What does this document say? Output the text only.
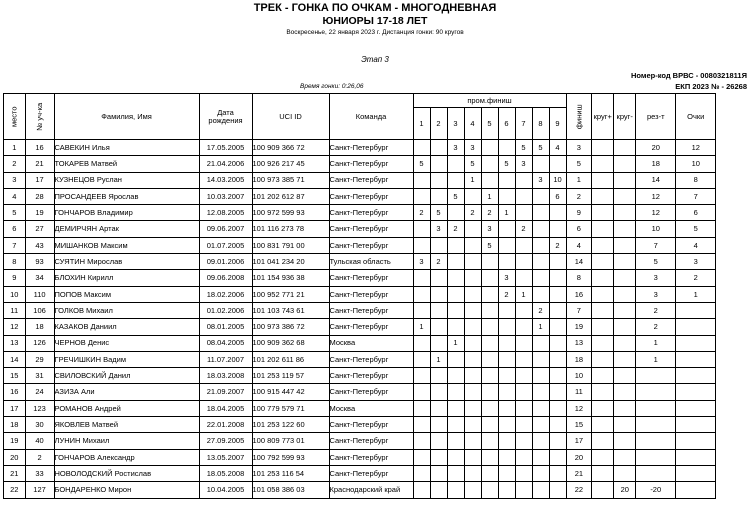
ТРЕК - ГОНКА ПО ОЧКАМ - МНОГОДНЕВНАЯ
ЮНИОРЫ 17-18 ЛЕТ
Воскресенье, 22 января 2023 г. Дистанция гонки: 90 кругов
Этап 3
Номер-код ВРВС - 0080321811Я
ЕКП 2023 № - 26268
Время гонки: 0:26,06
место	№ уч-ка	Фамилия, Имя	Дата рождения	UCI ID	Команда	пром.финиш									финиш	круг+	круг-	рез-т	Очки
						1	2	3	4	5	6	7	8	9					
1	16	САВЕКИН Илья	17.05.2005	100 909 366 72	Санкт-Петербург			3	3			5	5	4	3			20	12
2	21	ТОКАРЕВ Матвей	21.04.2006	100 926 217 45	Санкт-Петербург	5			5		5	3			5			18	10
3	17	КУЗНЕЦОВ Руслан	14.03.2005	100 973 385 71	Санкт-Петербург				1				3	10	1			14	8
4	28	ПРОСАНДЕЕВ Ярослав	10.03.2007	101 202 612 87	Санкт-Петербург			5		1				6	2			12	7
5	19	ГОНЧАРОВ Владимир	12.08.2005	100 972 599 93	Санкт-Петербург	2	5		2	2	1				9			12	6
6	27	ДЕМИРЧЯН Артак	09.06.2007	101 116 273 78	Санкт-Петербург		3	2		3		2			6			10	5
7	43	МИШАНКОВ Максим	01.07.2005	100 831 791 00	Санкт-Петербург					5				2	4			7	4
8	93	СУЯТИН Мирослав	09.01.2006	101 041 234 20	Тульская область	3	2								14			5	3
9	34	БЛОХИН Кирилл	09.06.2008	101 154 936 38	Санкт-Петербург						3				8			3	2
10	110	ПОПОВ Максим	18.02.2006	100 952 771 21	Санкт-Петербург						2	1			16			3	1
11	106	ГОЛКОВ Михаил	01.02.2006	101 103 743 61	Санкт-Петербург								2		7			2	
12	18	КАЗАКОВ Даниил	08.01.2005	100 973 386 72	Санкт-Петербург	1							1		19			2	
13	126	ЧЕРНОВ Денис	08.04.2005	100 909 362 68	Москва			1							13			1	
14	29	ГРЕЧИШКИН Вадим	11.07.2007	101 202 611 86	Санкт-Петербург		1								18			1	
15	31	СВИЛОВСКИЙ Данил	18.03.2008	101 253 119 57	Санкт-Петербург										10				
16	24	АЗИЗА Али	21.09.2007	100 915 447 42	Санкт-Петербург										11				
17	123	РОМАНОВ Андрей	18.04.2005	100 779 579 71	Москва										12				
18	30	ЯКОВЛЕВ Матвей	22.01.2008	101 253 122 60	Санкт-Петербург										15				
19	40	ЛУНИН Михаил	27.09.2005	100 809 773 01	Санкт-Петербург										17				
20	2	ГОНЧАРОВ Александр	13.05.2007	100 792 599 93	Санкт-Петербург										20				
21	33	НОВОЛОДСКИЙ Ростислав	18.05.2008	101 253 116 54	Санкт-Петербург										21				
22	127	БОНДАРЕНКО Мирон	10.04.2005	101 058 386 03	Краснодарский край										22		20	-20	
